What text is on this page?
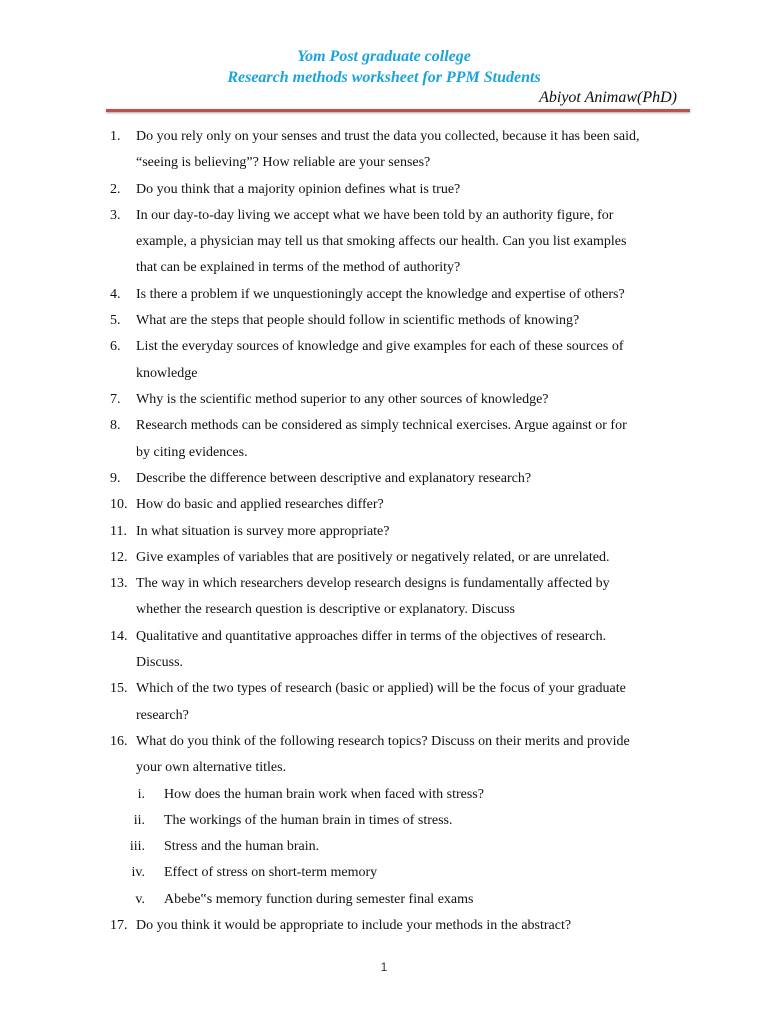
Yom Post graduate college
Research methods worksheet for PPM Students
Abiyot Animaw(PhD)
1. Do you rely only on your senses and trust the data you collected, because it has been said,
“seeing is believing”? How reliable are your senses?
2. Do you think that a majority opinion defines what is true?
3. In our day-to-day living we accept what we have been told by an authority figure, for
example, a physician may tell us that smoking affects our health. Can you list examples
that can be explained in terms of the method of authority?
4. Is there a problem if we unquestioningly accept the knowledge and expertise of others?
5. What are the steps that people should follow in scientific methods of knowing?
6. List the everyday sources of knowledge and give examples for each of these sources of
knowledge
7. Why is the scientific method superior to any other sources of knowledge?
8. Research methods can be considered as simply technical exercises. Argue against or for
by citing evidences.
9. Describe the difference between descriptive and explanatory research?
10. How do basic and applied researches differ?
11. In what situation is survey more appropriate?
12. Give examples of variables that are positively or negatively related, or are unrelated.
13. The way in which researchers develop research designs is fundamentally affected by
whether the research question is descriptive or explanatory. Discuss
14. Qualitative and quantitative approaches differ in terms of the objectives of research.
Discuss.
15. Which of the two types of research (basic or applied) will be the focus of your graduate
research?
16. What do you think of the following research topics? Discuss on their merits and provide
your own alternative titles.
i. How does the human brain work when faced with stress?
ii. The workings of the human brain in times of stress.
iii. Stress and the human brain.
iv. Effect of stress on short-term memory
v. Abebe‟s memory function during semester final exams
17. Do you think it would be appropriate to include your methods in the abstract?
1
